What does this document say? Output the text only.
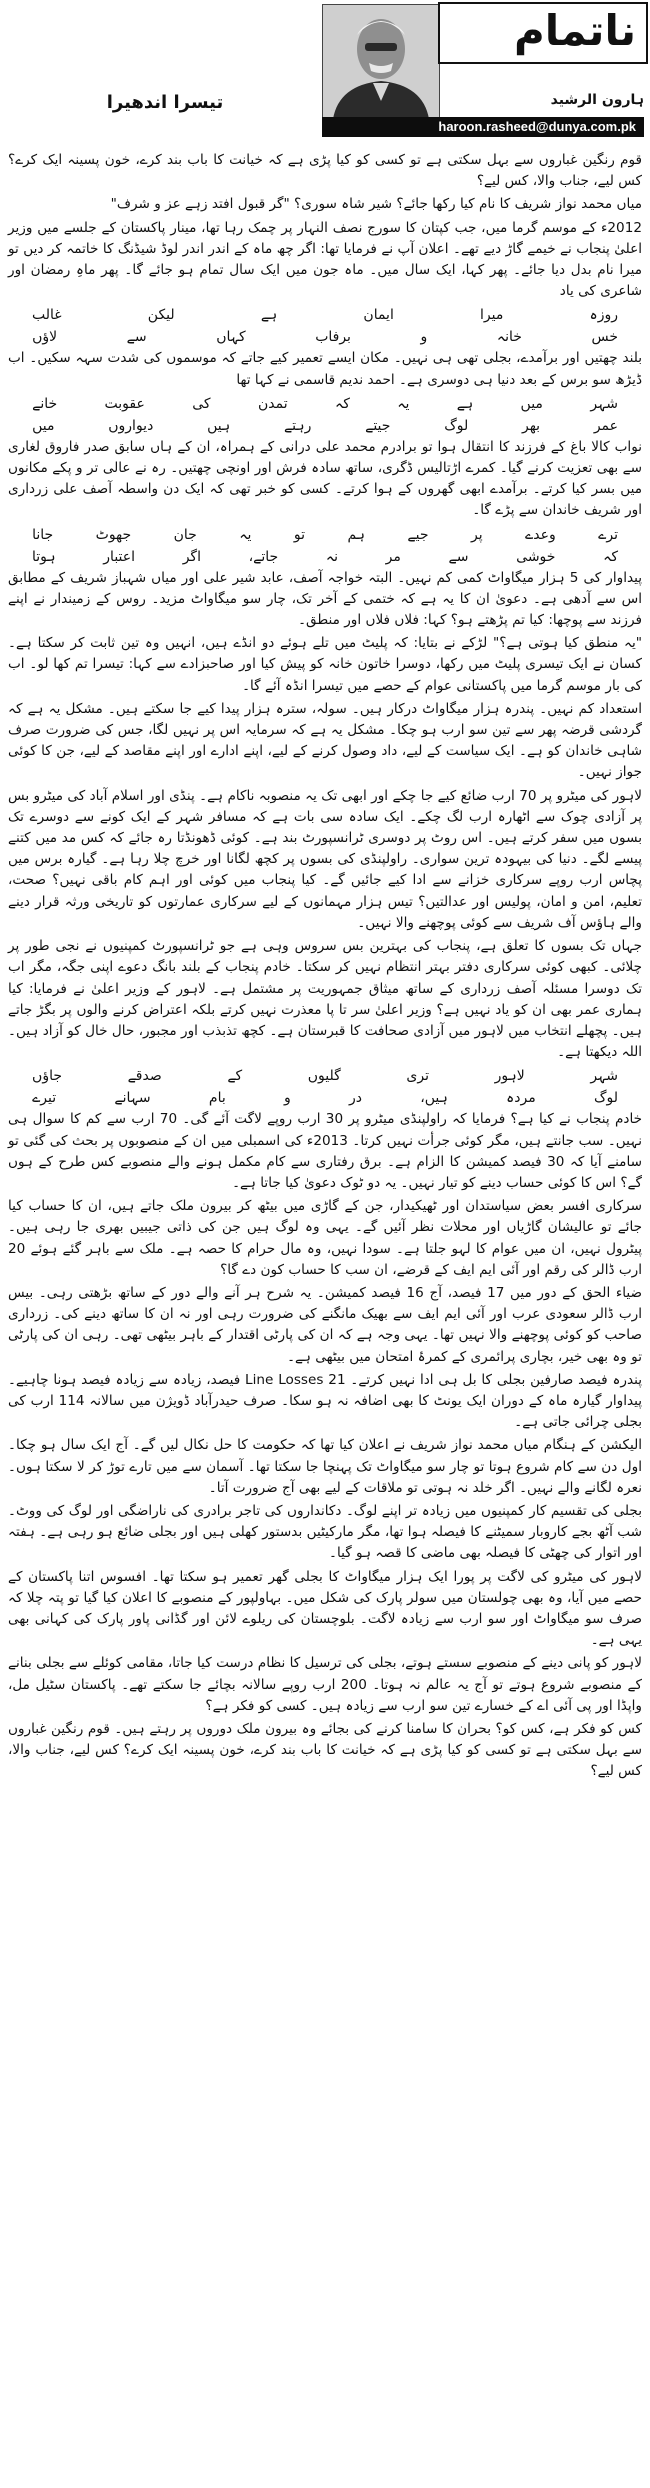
ناتمام
ہارون الرشید
haroon.rasheed@dunya.com.pk
تیسرا اندھیرا

قوم رنگین غباروں سے بہل سکتی ہے تو کسی کو کیا پڑی ہے کہ خیانت کا باب بند کرے، خون پسینہ ایک کرے؟ کس لیے، جناب والا، کس لیے؟

میاں محمد نواز شریف کا نام کیا رکھا جائے؟ شیر شاہ سوری؟ "گر قبول افتد زہے عز و شرف"

2012ء کے موسم گرما میں، جب کپتان کا سورج نصف النہار پر چمک رہا تھا، مینار پاکستان کے جلسے میں وزیر اعلیٰ پنجاب نے خیمے گاڑ دیے تھے۔ اعلان آپ نے فرمایا تھا: اگر چھ ماہ کے اندر اندر لوڈ شیڈنگ کا خاتمہ کر دیں تو میرا نام بدل دیا جائے۔ پھر کہا، ایک سال میں۔ ماہ جون میں ایک سال تمام ہو جائے گا۔ پھر ماہِ رمضان اور شاعری کی یاد

روزہ
میرا
ایمان
ہے
لیکن
غالب
خس
خانہ
و
برفاب
کہاں
سے
لاؤں

بلند چھتیں اور برآمدے، بجلی تھی ہی نہیں۔ مکان ایسے تعمیر کیے جاتے کہ موسموں کی شدت سہہ سکیں۔ اب ڈیڑھ سو برس کے بعد دنیا ہی دوسری ہے۔ احمد ندیم قاسمی نے کہا تھا

شہر
میں
ہے
یہ
کہ
تمدن
کی
عقوبت
خانے
عمر
بھر
لوگ
جیتے
رہتے
ہیں
دیواروں
میں

نواب کالا باغ کے فرزند کا انتقال ہوا تو برادرم محمد علی درانی کے ہمراہ، ان کے ہاں سابق صدر فاروق لغاری سے بھی تعزیت کرنے گیا۔ کمرے اڑتالیس ڈگری، ساتھ سادہ فرش اور اونچی چھتیں۔ رہ نے عالی تر و پکے مکانوں میں بسر کیا کرتے۔ برآمدے ابھی گھروں کے ہوا کرتے۔ کسی کو خبر تھی کہ ایک دن واسطہ آصف علی زرداری اور شریف خاندان سے پڑے گا۔

ترے
وعدے
پر
جیے
ہم
تو
یہ
جان
جھوٹ
جانا
کہ
خوشی
سے
مر
نہ
جاتے،
اگر
اعتبار
ہوتا

پیداوار کی 5 ہزار میگاواٹ کمی کم نہیں۔ البتہ خواجہ آصف، عابد شیر علی اور میاں شہباز شریف کے مطابق اس سے آدھی ہے۔ دعویٰ ان کا یہ ہے کہ ختمی کے آخر تک، چار سو میگاواٹ مزید۔ روس کے زمیندار نے اپنے فرزند سے پوچھا: کیا تم پڑھتے ہو؟ کہا: فلاں فلاں اور منطق۔

"یہ منطق کیا ہوتی ہے؟" لڑکے نے بتایا: کہ پلیٹ میں تلے ہوئے دو انڈے ہیں، انہیں وہ تین ثابت کر سکتا ہے۔ کسان نے ایک تیسری پلیٹ میں رکھا، دوسرا خاتون خانہ کو پیش کیا اور صاحبزادے سے کہا: تیسرا تم کھا لو۔ اب کی بار موسم گرما میں پاکستانی عوام کے حصے میں تیسرا انڈہ آئے گا۔

استعداد کم نہیں۔ پندرہ ہزار میگاواٹ درکار ہیں۔ سولہ، سترہ ہزار پیدا کیے جا سکتے ہیں۔ مشکل یہ ہے کہ گردشی قرضہ پھر سے تین سو ارب ہو چکا۔ مشکل یہ ہے کہ سرمایہ اس پر نہیں لگا، جس کی ضرورت صرف شاہی خاندان کو ہے۔ ایک سیاست کے لیے، داد وصول کرنے کے لیے، اپنے ادارے اور اپنے مقاصد کے لیے، جن کا کوئی جواز نہیں۔

لاہور کی میٹرو پر 70 ارب ضائع کیے جا چکے اور ابھی تک یہ منصوبہ ناکام ہے۔ پنڈی اور اسلام آباد کی میٹرو بس پر آزادی چوک سے اٹھارہ ارب لگ چکے۔ ایک سادہ سی بات ہے کہ مسافر شہر کے ایک کونے سے دوسرے تک بسوں میں سفر کرتے ہیں۔ اس روٹ پر دوسری ٹرانسپورٹ بند ہے۔ کوئی ڈھونڈتا رہ جائے کہ کس مد میں کتنے پیسے لگے۔ دنیا کی بیہودہ ترین سواری۔ راولپنڈی کی بسوں پر کچھ لگانا اور خرچ چلا رہا ہے۔ گیارہ برس میں پچاس ارب روپے سرکاری خزانے سے ادا کیے جائیں گے۔ کیا پنجاب میں کوئی اور اہم کام باقی نہیں؟ صحت، تعلیم، امن و امان، پولیس اور عدالتیں؟ تیس ہزار مہمانوں کے لیے سرکاری عمارتوں کو تاریخی ورثہ قرار دینے والے ہاؤس آف شریف سے کوئی پوچھنے والا نہیں۔

جہاں تک بسوں کا تعلق ہے، پنجاب کی بہترین بس سروس وہی ہے جو ٹرانسپورٹ کمپنیوں نے نجی طور پر چلائی۔ کبھی کوئی سرکاری دفتر بہتر انتظام نہیں کر سکتا۔ خادم پنجاب کے بلند بانگ دعوے اپنی جگہ، مگر اب تک دوسرا مسئلہ آصف زرداری کے ساتھ میثاق جمہوریت پر مشتمل ہے۔ لاہور کے وزیر اعلیٰ نے فرمایا: کیا ہماری عمر بھی ان کو یاد نہیں ہے؟ وزیر اعلیٰ سر تا پا معذرت نہیں کرتے بلکہ اعتراض کرنے والوں پر بگڑ جاتے ہیں۔ پچھلے انتخاب میں لاہور میں آزادی صحافت کا قبرستان ہے۔ کچھ تذبذب اور مجبور، حال خال کو آزاد ہیں۔ اللہ دیکھتا ہے۔

شہر
لاہور
تری
گلیوں
کے
صدقے
جاؤں
لوگ
مردہ
ہیں،
در
و
بام
سہانے
تیرے

خادم پنجاب نے کیا ہے؟ فرمایا کہ راولپنڈی میٹرو پر 30 ارب روپے لاگت آئے گی۔ 70 ارب سے کم کا سوال ہی نہیں۔ سب جانتے ہیں، مگر کوئی جرأت نہیں کرتا۔ 2013ء کی اسمبلی میں ان کے منصوبوں پر بحث کی گئی تو سامنے آیا کہ 30 فیصد کمیشن کا الزام ہے۔ برق رفتاری سے کام مکمل ہونے والے منصوبے کس طرح کے ہوں گے؟ اس کا کوئی حساب دینے کو تیار نہیں۔ یہ دو ٹوک دعویٰ کیا جاتا ہے۔

سرکاری افسر بعض سیاستدان اور ٹھیکیدار، جن کے گاڑی میں بیٹھ کر بیرون ملک جاتے ہیں، ان کا حساب کیا جائے تو عالیشان گاڑیاں اور محلات نظر آئیں گے۔ یہی وہ لوگ ہیں جن کی ذاتی جیبیں بھری جا رہی ہیں۔ پیٹرول نہیں، ان میں عوام کا لہو جلتا ہے۔ سودا نہیں، وہ مال حرام کا حصہ ہے۔ ملک سے باہر گئے ہوئے 20 ارب ڈالر کی رقم اور آئی ایم ایف کے قرضے، ان سب کا حساب کون دے گا؟

ضیاء الحق کے دور میں 17 فیصد، آج 16 فیصد کمیشن۔ یہ شرح ہر آنے والے دور کے ساتھ بڑھتی رہی۔ بیس ارب ڈالر سعودی عرب اور آئی ایم ایف سے بھیک مانگنے کی ضرورت رہی اور نہ ان کا ساتھ دینے کی۔ زرداری صاحب کو کوئی پوچھنے والا نہیں تھا۔ یہی وجہ ہے کہ ان کی پارٹی اقتدار کے باہر بیٹھی تھی۔ رہی ان کی پارٹی تو وہ بھی خیر، بچاری پرائمری کے کمرۂ امتحان میں بیٹھی ہے۔

پندرہ فیصد صارفین بجلی کا بل ہی ادا نہیں کرتے۔ 21 Line Losses فیصد، زیادہ سے زیادہ فیصد ہونا چاہیے۔ پیداوار گیارہ ماہ کے دوران ایک یونٹ کا بھی اضافہ نہ ہو سکا۔ صرف حیدرآباد ڈویژن میں سالانہ 114 ارب کی بجلی چرائی جاتی ہے۔

الیکشن کے ہنگام میاں محمد نواز شریف نے اعلان کیا تھا کہ حکومت کا حل نکال لیں گے۔ آج ایک سال ہو چکا۔ اول دن سے کام شروع ہوتا تو چار سو میگاواٹ تک پہنچا جا سکتا تھا۔ آسمان سے میں تارے توڑ کر لا سکتا ہوں۔ نعرہ لگانے والے نہیں۔ اگر خلد نہ ہوتی تو ملاقات کے لیے بھی آج ضرورت آتا۔

بجلی کی تقسیم کار کمپنیوں میں زیادہ تر اپنے لوگ۔ دکانداروں کی تاجر برادری کی ناراضگی اور لوگ کی ووٹ۔ شب آٹھ بجے کاروبار سمیٹنے کا فیصلہ ہوا تھا، مگر مارکیٹیں بدستور کھلی ہیں اور بجلی ضائع ہو رہی ہے۔ ہفتہ اور اتوار کی چھٹی کا فیصلہ بھی ماضی کا قصہ ہو گیا۔

لاہور کی میٹرو کی لاگت پر پورا ایک ہزار میگاواٹ کا بجلی گھر تعمیر ہو سکتا تھا۔ افسوس اتنا پاکستان کے حصے میں آیا، وہ بھی چولستان میں سولر پارک کی شکل میں۔ بہاولپور کے منصوبے کا اعلان کیا گیا تو پتہ چلا کہ صرف سو میگاواٹ اور سو ارب سے زیادہ لاگت۔ بلوچستان کی ریلوے لائن اور گڈانی پاور پارک کی کہانی بھی یہی ہے۔

لاہور کو پانی دینے کے منصوبے سستے ہوتے، بجلی کی ترسیل کا نظام درست کیا جاتا، مقامی کوئلے سے بجلی بنانے کے منصوبے شروع ہوتے تو آج یہ عالم نہ ہوتا۔ 200 ارب روپے سالانہ بچائے جا سکتے تھے۔ پاکستان سٹیل مل، واپڈا اور پی آئی اے کے خسارے تین سو ارب سے زیادہ ہیں۔ کسی کو فکر ہے؟

کس کو فکر ہے، کس کو؟ بحران کا سامنا کرنے کی بجائے وہ بیرون ملک دوروں پر رہتے ہیں۔ قوم رنگین غباروں سے بہل سکتی ہے تو کسی کو کیا پڑی ہے کہ خیانت کا باب بند کرے، خون پسینہ ایک کرے؟ کس لیے، جناب والا، کس لیے؟
